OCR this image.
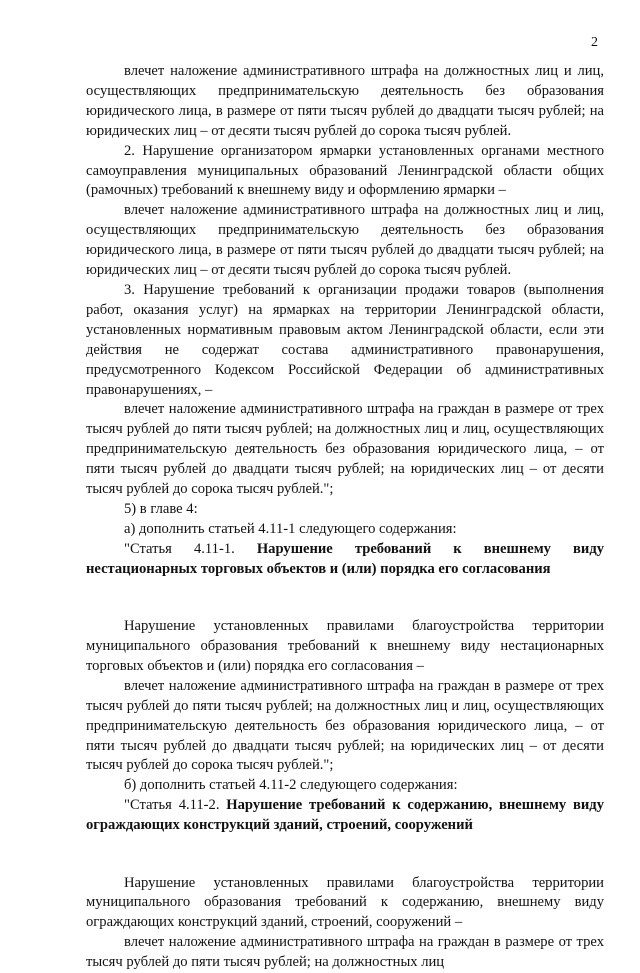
2

влечет наложение административного штрафа на должностных лиц и лиц, осуществляющих предпринимательскую деятельность без образования юридического лица, в размере от пяти тысяч рублей до двадцати тысяч рублей; на юридических лиц – от десяти тысяч рублей до сорока тысяч рублей.

2. Нарушение организатором ярмарки установленных органами местного самоуправления муниципальных образований Ленинградской области общих (рамочных) требований к внешнему виду и оформлению ярмарки –

влечет наложение административного штрафа на должностных лиц и лиц, осуществляющих предпринимательскую деятельность без образования юридического лица, в размере от пяти тысяч рублей до двадцати тысяч рублей; на юридических лиц – от десяти тысяч рублей до сорока тысяч рублей.

3. Нарушение требований к организации продажи товаров (выполнения работ, оказания услуг) на ярмарках на территории Ленинградской области, установленных нормативным правовым актом Ленинградской области, если эти действия не содержат состава административного правонарушения, предусмотренного Кодексом Российской Федерации об административных правонарушениях, –

влечет наложение административного штрафа на граждан в размере от трех тысяч рублей до пяти тысяч рублей; на должностных лиц и лиц, осуществляющих предпринимательскую деятельность без образования юридического лица, – от пяти тысяч рублей до двадцати тысяч рублей; на юридических лиц – от десяти тысяч рублей до сорока тысяч рублей.";

5) в главе 4:

а) дополнить статьей 4.11-1 следующего содержания:

"Статья 4.11-1. Нарушение требований к внешнему виду нестационарных торговых объектов и (или) порядка его согласования

Нарушение установленных правилами благоустройства территории муниципального образования требований к внешнему виду нестационарных торговых объектов и (или) порядка его согласования –

влечет наложение административного штрафа на граждан в размере от трех тысяч рублей до пяти тысяч рублей; на должностных лиц и лиц, осуществляющих предпринимательскую деятельность без образования юридического лица, – от пяти тысяч рублей до двадцати тысяч рублей; на юридических лиц – от десяти тысяч рублей до сорока тысяч рублей.";

б) дополнить статьей 4.11-2 следующего содержания:

"Статья 4.11-2. Нарушение требований к содержанию, внешнему виду ограждающих конструкций зданий, строений, сооружений

Нарушение установленных правилами благоустройства территории муниципального образования требований к содержанию, внешнему виду ограждающих конструкций зданий, строений, сооружений –

влечет наложение административного штрафа на граждан в размере от трех тысяч рублей до пяти тысяч рублей; на должностных лиц
